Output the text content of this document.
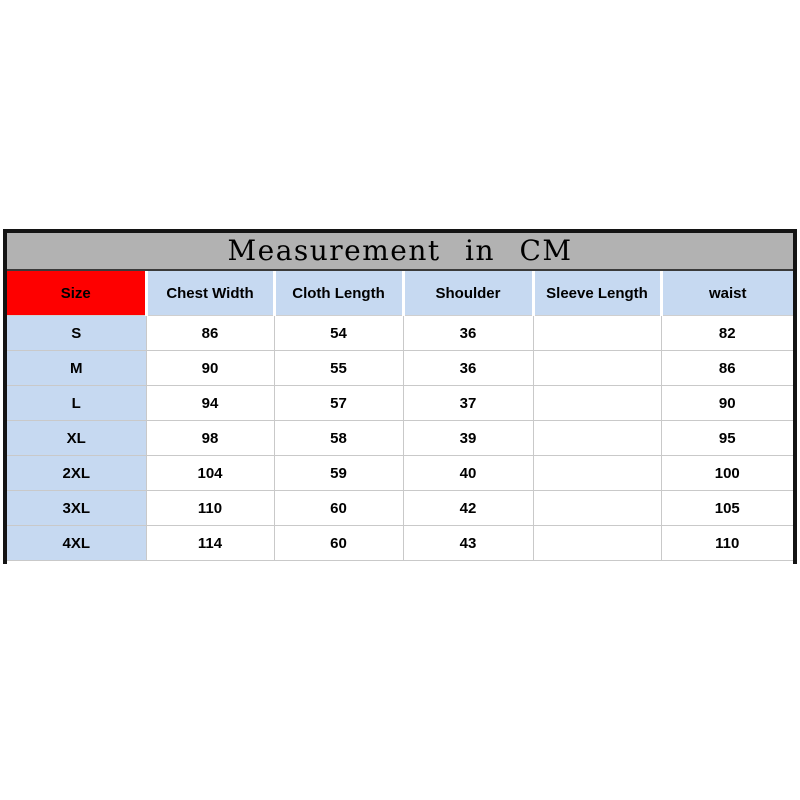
Measurement in CM
Size	Chest Width	Cloth Length	Shoulder	Sleeve Length	waist
S	86	54	36		82
M	90	55	36		86
L	94	57	37		90
XL	98	58	39		95
2XL	104	59	40		100
3XL	110	60	42		105
4XL	114	60	43		110
